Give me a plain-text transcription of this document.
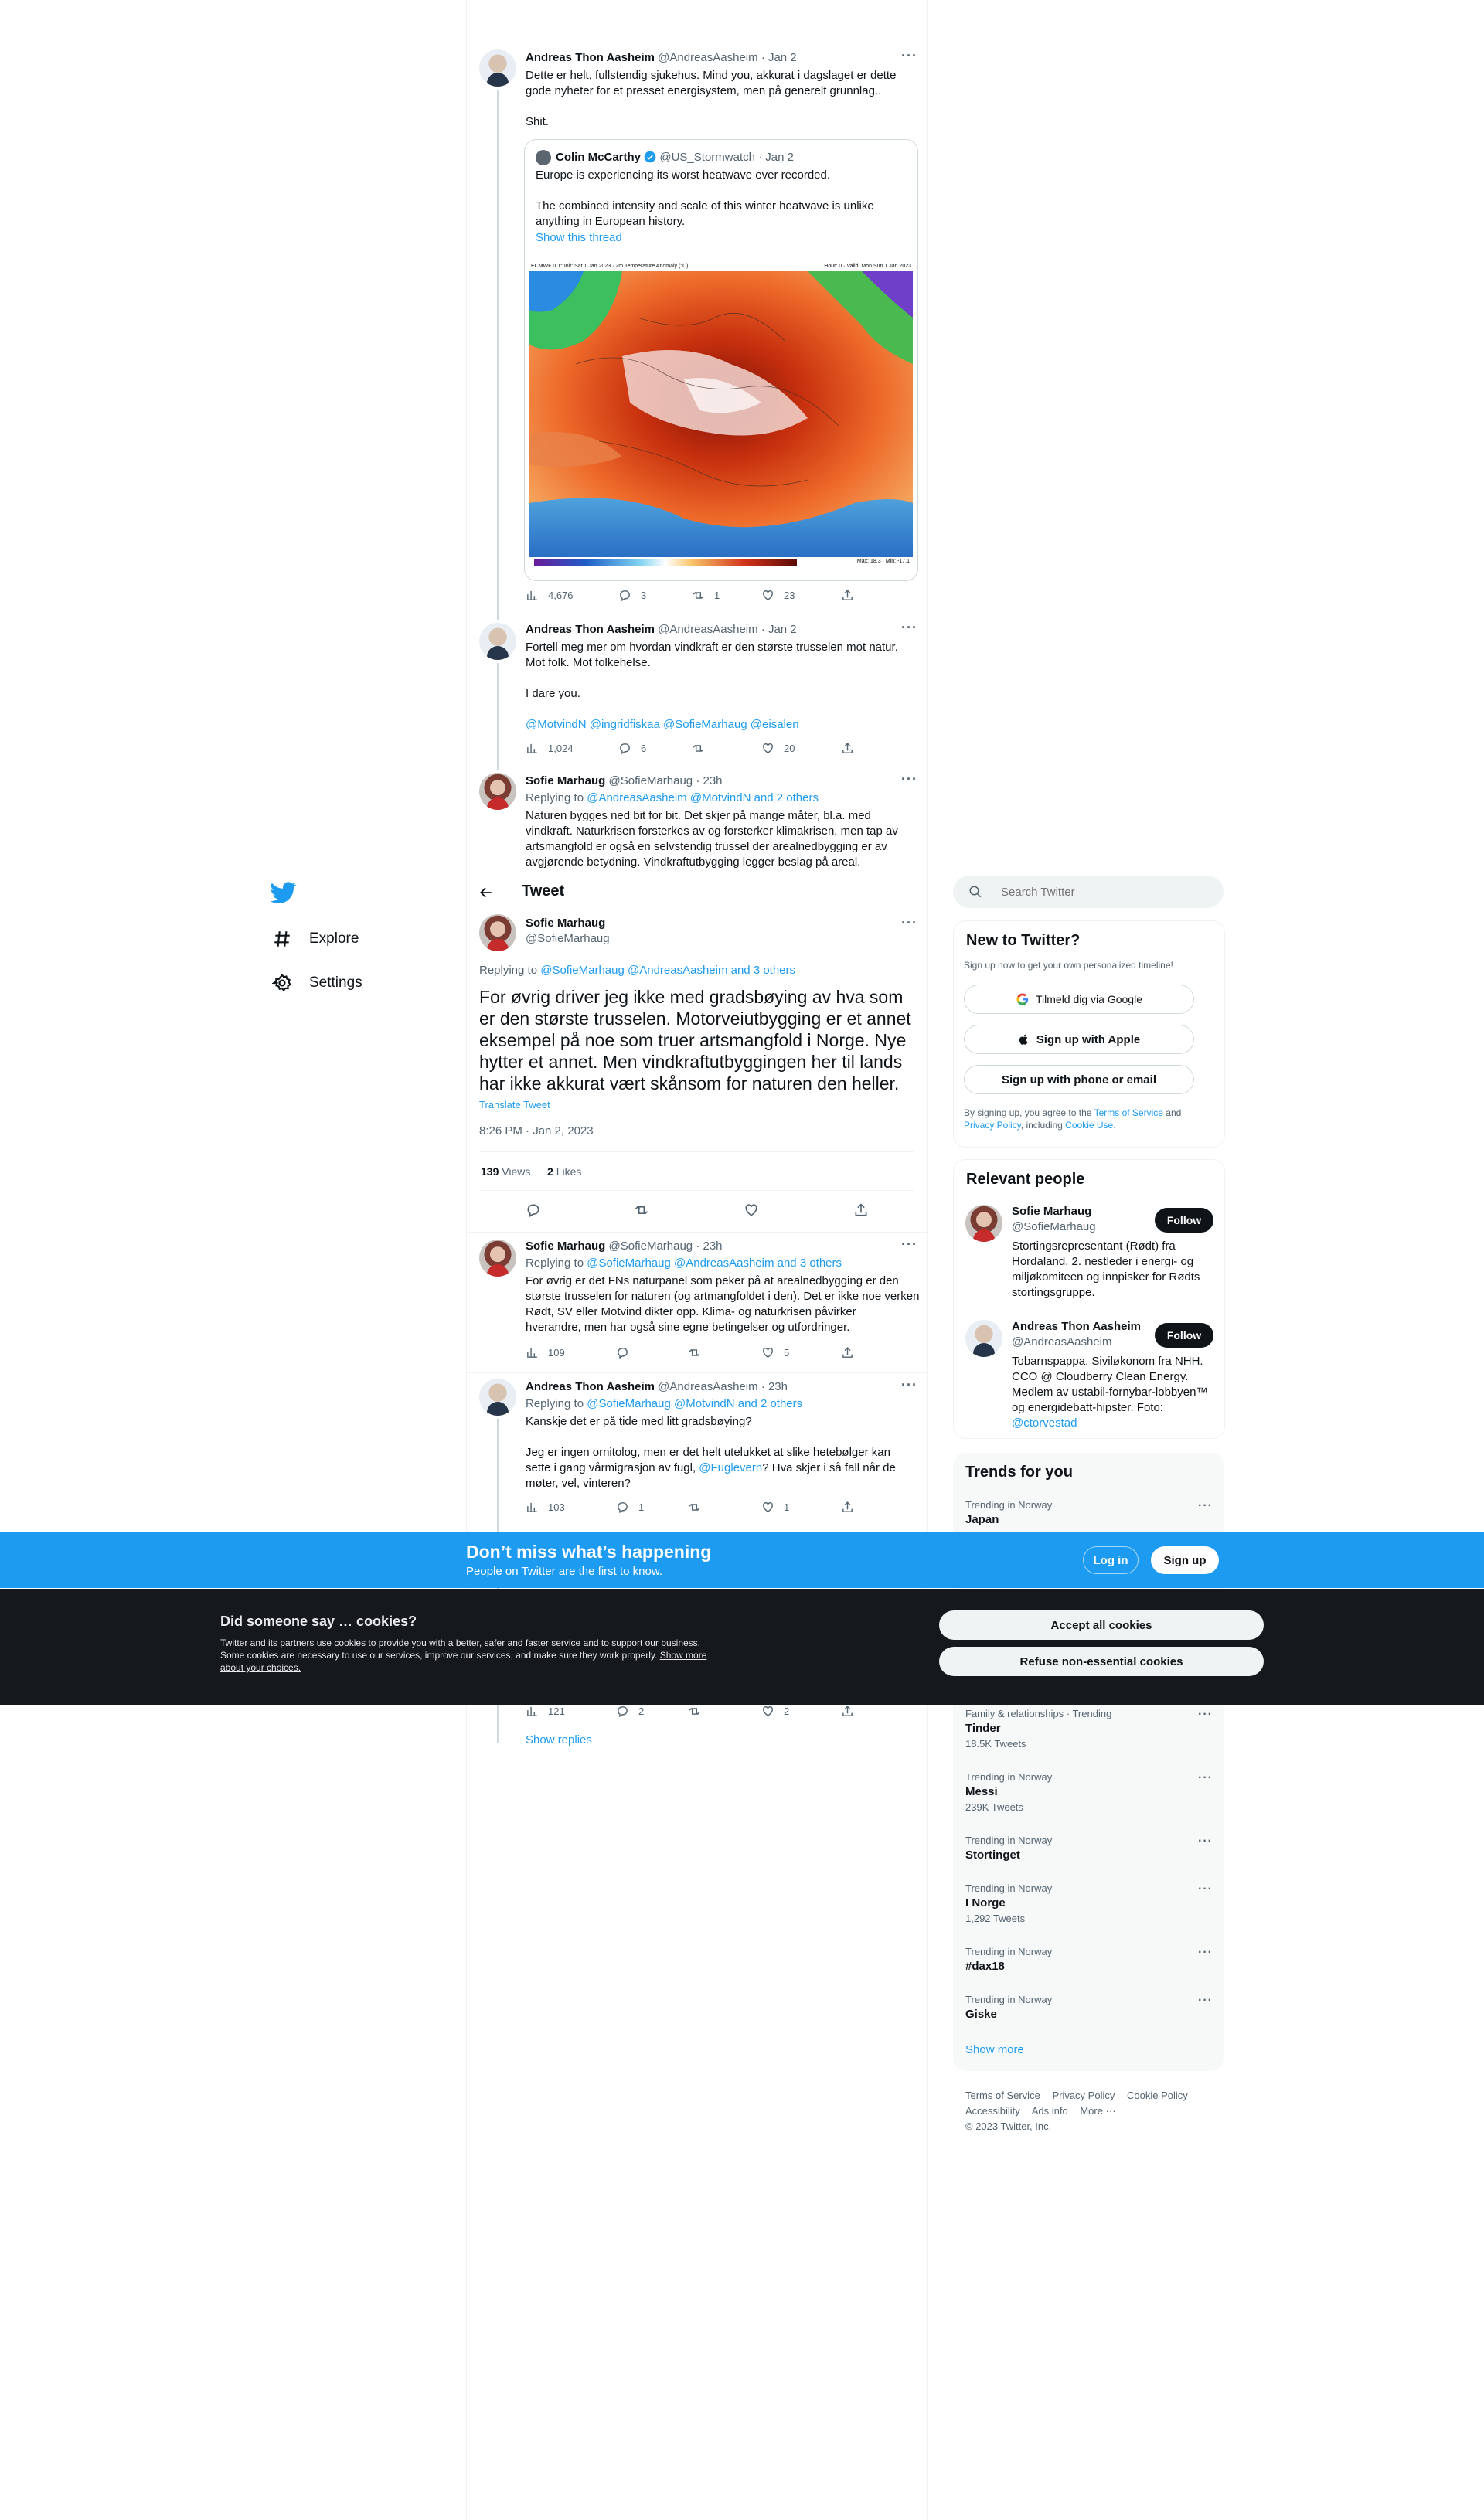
Explore
Settings
Andreas Thon Aasheim @AndreasAasheim · Jan 2	···

Dette er helt, fullstendig sjukehus. Mind you, akkurat i dagslaget er dette

gode nyheter for et presset energisystem, men på generelt grunnlag..

Shit.

Colin McCarthy @US_Stormwatch · Jan 2

Europe is experiencing its worst heatwave ever recorded.

The combined intensity and scale of this winter heatwave is unlike

anything in European history.

Show this thread
ECMWF 0.1° Init: Sat 1 Jan 2023 · 2m Temperature Anomaly (°C)	Hour: 0 · Valid: Mon Sun 1 Jan 2023
Max: 18.3 · Min: -17.1
4,676	3	1	23
Andreas Thon Aasheim @AndreasAasheim · Jan 2	···

Fortell meg mer om hvordan vindkraft er den største trusselen mot natur.

Mot folk. Mot folkehelse.

I dare you.

@MotvindN @ingridfiskaa @SofieMarhaug @eisalen

1,024	6	20
Sofie Marhaug @SofieMarhaug · 23h	···
Replying to @AndreasAasheim @MotvindN and 2 others

Naturen bygges ned bit for bit. Det skjer på mange måter, bl.a. med

vindkraft. Naturkrisen forsterkes av og forsterker klimakrisen, men tap av

artsmangfold er også en selvstendig trussel der arealnedbygging er av

avgjørende betydning. Vindkraftutbygging legger beslag på areal.

Tweet
Sofie Marhaug
@SofieMarhaug
···
Replying to @SofieMarhaug @AndreasAasheim and 3 others
For øvrig driver jeg ikke med gradsbøying av hva som er den største trusselen. Motorveiutbygging er et annet eksempel på noe som truer artsmangfold i Norge. Nye hytter et annet. Men vindkraftutbyggingen her til lands har ikke akkurat vært skånsom for naturen den heller.
Translate Tweet
8:26 PM · Jan 2, 2023
139 Views 2 Likes
Sofie Marhaug @SofieMarhaug · 23h	···
Replying to @SofieMarhaug @AndreasAasheim and 3 others

For øvrig er det FNs naturpanel som peker på at arealnedbygging er den

største trusselen for naturen (og artmangfoldet i den). Det er ikke noe verken

Rødt, SV eller Motvind dikter opp. Klima- og naturkrisen påvirker

hverandre, men har også sine egne betingelser og utfordringer.

109	5
Andreas Thon Aasheim @AndreasAasheim · 23h	···
Replying to @SofieMarhaug @MotvindN and 2 others

Kanskje det er på tide med litt gradsbøying?

Jeg er ingen ornitolog, men er det helt utelukket at slike hetebølger kan

sette i gang vårmigrasjon av fugl, @Fuglevern? Hva skjer i så fall når de

møter, vel, vinteren?

103	1	1
121	2	2
Show replies
Search Twitter
New to Twitter?
Sign up now to get your own personalized timeline!
Tilmeld dig via Google
Sign up with Apple
Sign up with phone or email
By signing up, you agree to the Terms of Service and Privacy Policy, including Cookie Use.
Relevant people
Sofie Marhaug
@SofieMarhaug	Follow
Stortingsrepresentant (Rødt) fra
Hordaland. 2. nestleder i energi- og
miljøkomiteen og innpisker for Rødts
stortingsgruppe.
Andreas Thon Aasheim
@AndreasAasheim	Follow
Tobarnspappa. Siviløkonom fra NHH.
CCO @ Cloudberry Clean Energy.
Medlem av ustabil-fornybar-lobbyen™
og energidebatt-hipster. Foto:
@ctorvestad
Trends for you
Trending in Norway
Japan
···
Family & relationships · Trending
Tinder
18.5K Tweets
···
Trending in Norway
Messi
239K Tweets
···
Trending in Norway
Stortinget
···
Trending in Norway
I Norge
1,292 Tweets
···
Trending in Norway
#dax18
···
Trending in Norway
Giske
···
Show more
Terms of Service Privacy Policy Cookie Policy
Accessibility Ads info More ···
© 2023 Twitter, Inc.
Don’t miss what’s happening
People on Twitter are the first to know.
Log in	Sign up
Did someone say … cookies?
Twitter and its partners use cookies to provide you with a better, safer and faster service and to support our business. Some cookies are necessary to use our services, improve our services, and make sure they work properly. Show more about your choices.
Accept all cookies
Refuse non-essential cookies
